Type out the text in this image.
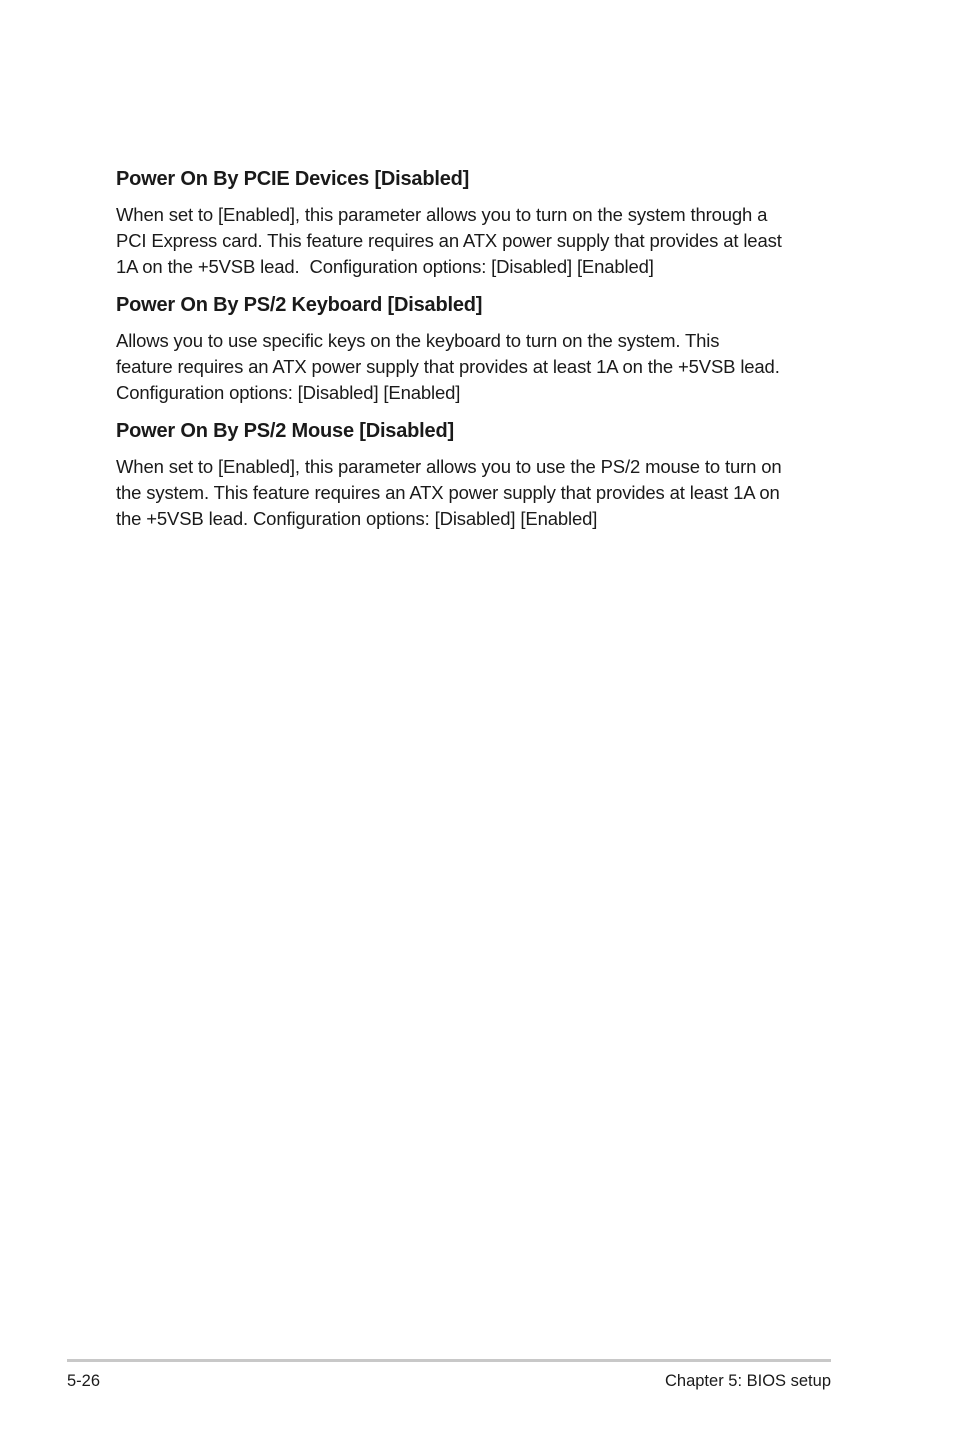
Power On By PCIE Devices [Disabled]
When set to [Enabled], this parameter allows you to turn on the system through a
PCI Express card. This feature requires an ATX power supply that provides at least
1A on the +5VSB lead.  Configuration options: [Disabled] [Enabled]
Power On By PS/2 Keyboard [Disabled]
Allows you to use specific keys on the keyboard to turn on the system. This
feature requires an ATX power supply that provides at least 1A on the +5VSB lead.
Configuration options: [Disabled] [Enabled]
Power On By PS/2 Mouse [Disabled]
When set to [Enabled], this parameter allows you to use the PS/2 mouse to turn on
the system. This feature requires an ATX power supply that provides at least 1A on
the +5VSB lead. Configuration options: [Disabled] [Enabled]
5-26	Chapter 5: BIOS setup
